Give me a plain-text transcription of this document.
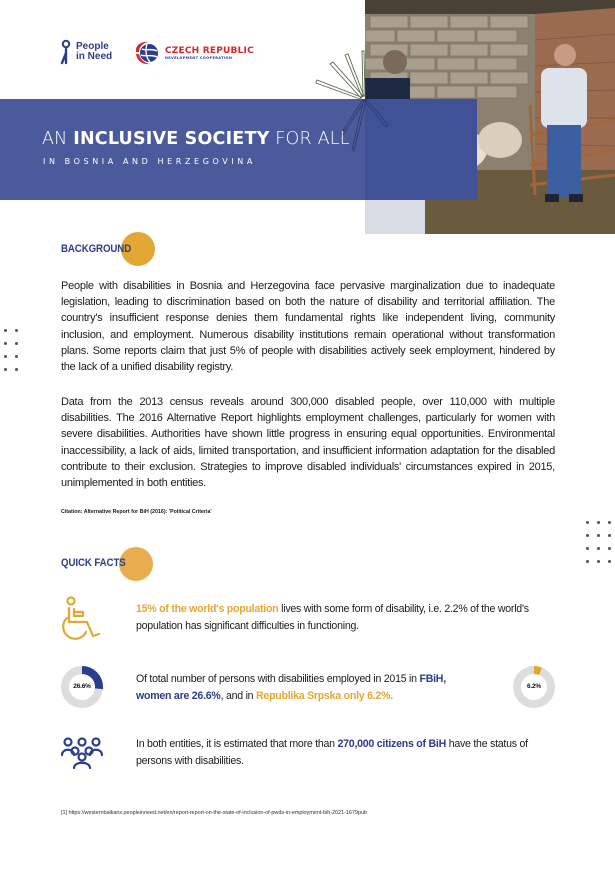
AN INCLUSIVE SOCIETY FOR ALL
IN BOSNIA AND HERZEGOVINA
People
in Need
CZECH REPUBLIC
DEVELOPMENT COOPERATION
BACKGROUND
People with disabilities in Bosnia and Herzegovina face pervasive marginalization due to inadequate legislation, leading to discrimination based on both the nature of disability and territorial affiliation. The country's insufficient response denies them fundamental rights like independent living, community inclusion, and employment. Numerous disability institutions remain operational without transformation plans. Some reports claim that just 5% of people with disabilities actively seek employment, hindered by the lack of a unified disability registry.
Data from the 2013 census reveals around 300,000 disabled people, over 110,000 with multiple disabilities. The 2016 Alternative Report highlights employment challenges, particularly for women with severe disabilities. Authorities have shown little progress in ensuring equal opportunities. Environmental inaccessibility, a lack of aids, limited transportation, and insufficient information adaptation for the disabled contribute to their exclusion. Strategies to improve disabled individuals' circumstances expired in 2015, unimplemented in both entities.
Citation: Alternative Report for BiH (2016): 'Political Criteria'
QUICK FACTS
15% of the world's population lives with some form of disability, i.e. 2.2% of the world's population has significant difficulties in functioning.
26.6%
Of total number of persons with disabilities employed in 2015 in FBiH,
women are 26.6%, and in Republika Srpska only 6.2%.
6.2%
In both entities, it is estimated that more than 270,000 citizens of BiH have the status of persons with disabilities.
[1] https://westernbalkans.peopleinneed.net/en/report-report-on-the-state-of-inclusion-of-pwds-in-employment-bih-2021-1679pub
